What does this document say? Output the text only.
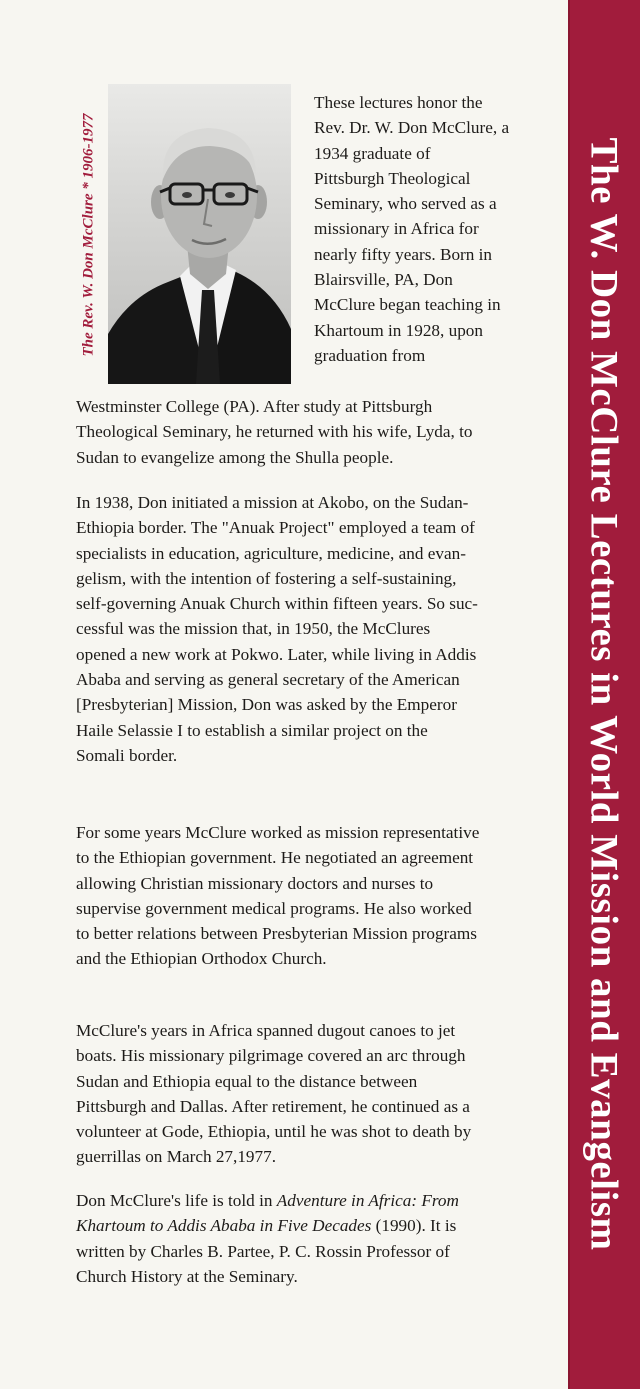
The W. Don McClure Lectures in World Mission and Evangelism
The Rev. W. Don McClure * 1906-1977
These lectures honor the
Rev. Dr. W. Don McClure, a
1934 graduate of
Pittsburgh Theological
Seminary, who served as a
missionary in Africa for
nearly fifty years. Born in
Blairsville, PA, Don
McClure began teaching in
Khartoum in 1928, upon
graduation from
Westminster College (PA). After study at Pittsburgh
Theological Seminary, he returned with his wife, Lyda, to
Sudan to evangelize among the Shulla people.
In 1938, Don initiated a mission at Akobo, on the Sudan-
Ethiopia border. The "Anuak Project" employed a team of
specialists in education, agriculture, medicine, and evan-
gelism, with the intention of fostering a self-sustaining,
self-governing Anuak Church within fifteen years. So suc-
cessful was the mission that, in 1950, the McClures
opened a new work at Pokwo. Later, while living in Addis
Ababa and serving as general secretary of the American
[Presbyterian] Mission, Don was asked by the Emperor
Haile Selassie I to establish a similar project on the
Somali border.
For some years McClure worked as mission representative
to the Ethiopian government. He negotiated an agreement
allowing Christian missionary doctors and nurses to
supervise government medical programs. He also worked
to better relations between Presbyterian Mission programs
and the Ethiopian Orthodox Church.
McClure's years in Africa spanned dugout canoes to jet
boats. His missionary pilgrimage covered an arc through
Sudan and Ethiopia equal to the distance between
Pittsburgh and Dallas. After retirement, he continued as a
volunteer at Gode, Ethiopia, until he was shot to death by
guerrillas on March 27,1977.
Don McClure's life is told in Adventure in Africa: From
Khartoum to Addis Ababa in Five Decades (1990). It is
written by Charles B. Partee, P. C. Rossin Professor of
Church History at the Seminary.
